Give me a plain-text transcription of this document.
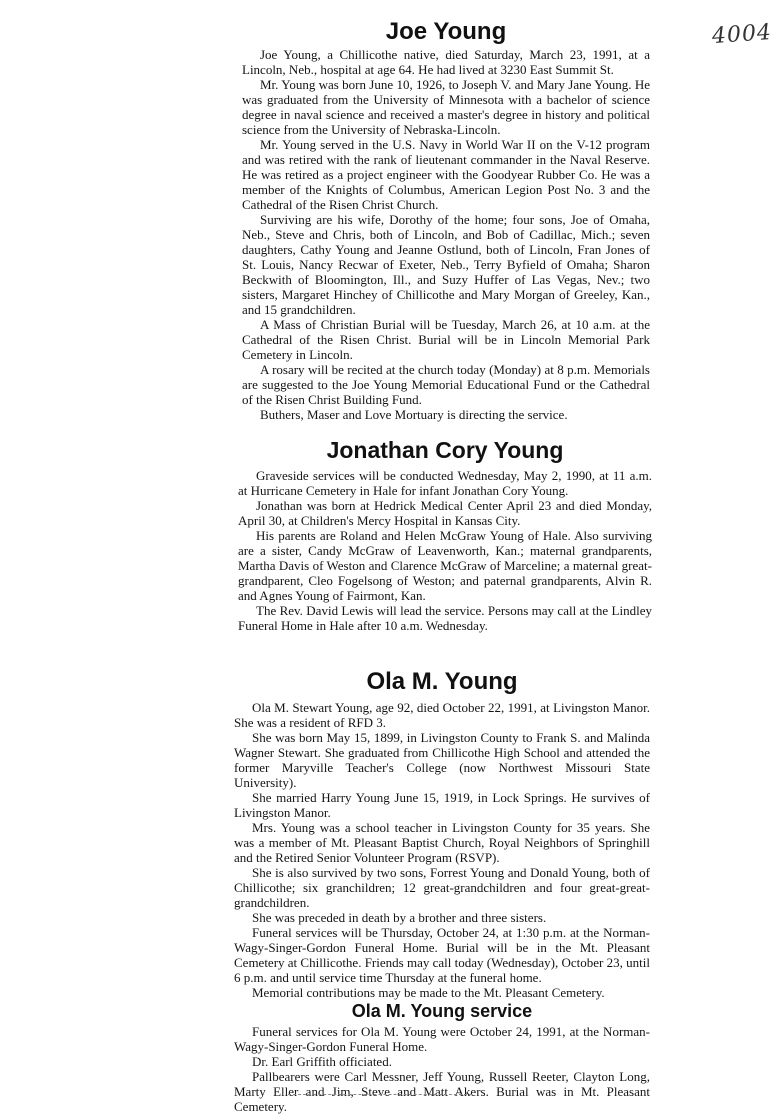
4004
Joe Young

Joe Young, a Chillicothe native, died Saturday, March 23, 1991, at a Lincoln, Neb., hospital at age 64. He had lived at 3230 East Summit St.

Mr. Young was born June 10, 1926, to Joseph V. and Mary Jane Young. He was graduated from the University of Minnesota with a bachelor of science degree in naval science and received a master's degree in history and political science from the University of Nebraska-Lincoln.

Mr. Young served in the U.S. Navy in World War II on the V-12 program and was retired with the rank of lieutenant commander in the Naval Reserve. He was retired as a project engineer with the Goodyear Rubber Co. He was a member of the Knights of Columbus, American Legion Post No. 3 and the Cathedral of the Risen Christ Church.

Surviving are his wife, Dorothy of the home; four sons, Joe of Omaha, Neb., Steve and Chris, both of Lincoln, and Bob of Cadillac, Mich.; seven daughters, Cathy Young and Jeanne Ostlund, both of Lincoln, Fran Jones of St. Louis, Nancy Recwar of Exeter, Neb., Terry Byfield of Omaha; Sharon Beckwith of Bloomington, Ill., and Suzy Huffer of Las Vegas, Nev.; two sisters, Margaret Hinchey of Chillicothe and Mary Morgan of Greeley, Kan., and 15 grandchildren.

A Mass of Christian Burial will be Tuesday, March 26, at 10 a.m. at the Cathedral of the Risen Christ. Burial will be in Lincoln Memorial Park Cemetery in Lincoln.

A rosary will be recited at the church today (Monday) at 8 p.m. Memorials are suggested to the Joe Young Memorial Educational Fund or the Cathedral of the Risen Christ Building Fund.

Buthers, Maser and Love Mortuary is directing the service.

Jonathan Cory Young

Graveside services will be conducted Wednesday, May 2, 1990, at 11 a.m. at Hurricane Cemetery in Hale for infant Jonathan Cory Young.

Jonathan was born at Hedrick Medical Center April 23 and died Monday, April 30, at Children's Mercy Hospital in Kansas City.

His parents are Roland and Helen McGraw Young of Hale. Also surviving are a sister, Candy McGraw of Leavenworth, Kan.; maternal grandparents, Martha Davis of Weston and Clarence McGraw of Marceline; a maternal great-grandparent, Cleo Fogelsong of Weston; and paternal grandparents, Alvin R. and Agnes Young of Fairmont, Kan.

The Rev. David Lewis will lead the service. Persons may call at the Lindley Funeral Home in Hale after 10 a.m. Wednesday.

Ola M. Young

Ola M. Stewart Young, age 92, died October 22, 1991, at Livingston Manor. She was a resident of RFD 3.

She was born May 15, 1899, in Livingston County to Frank S. and Malinda Wagner Stewart. She graduated from Chillicothe High School and attended the former Maryville Teacher's College (now Northwest Missouri State University).

She married Harry Young June 15, 1919, in Lock Springs. He survives of Livingston Manor.

Mrs. Young was a school teacher in Livingston County for 35 years. She was a member of Mt. Pleasant Baptist Church, Royal Neighbors of Springhill and the Retired Senior Volunteer Program (RSVP).

She is also survived by two sons, Forrest Young and Donald Young, both of Chillicothe; six granchildren; 12 great-grandchildren and four great-great-grandchildren.

She was preceded in death by a brother and three sisters.

Funeral services will be Thursday, October 24, at 1:30 p.m. at the Norman-Wagy-Singer-Gordon Funeral Home. Burial will be in the Mt. Pleasant Cemetery at Chillicothe. Friends may call today (Wednesday), October 23, until 6 p.m. and until service time Thursday at the funeral home.

Memorial contributions may be made to the Mt. Pleasant Cemetery.

Ola M. Young service

Funeral services for Ola M. Young were October 24, 1991, at the Norman-Wagy-Singer-Gordon Funeral Home.

Dr. Earl Griffith officiated.

Pallbearers were Carl Messner, Jeff Young, Russell Reeter, Clayton Long, Marty Eller and Jim, Steve and Matt Akers. Burial was in Mt. Pleasant Cemetery.
